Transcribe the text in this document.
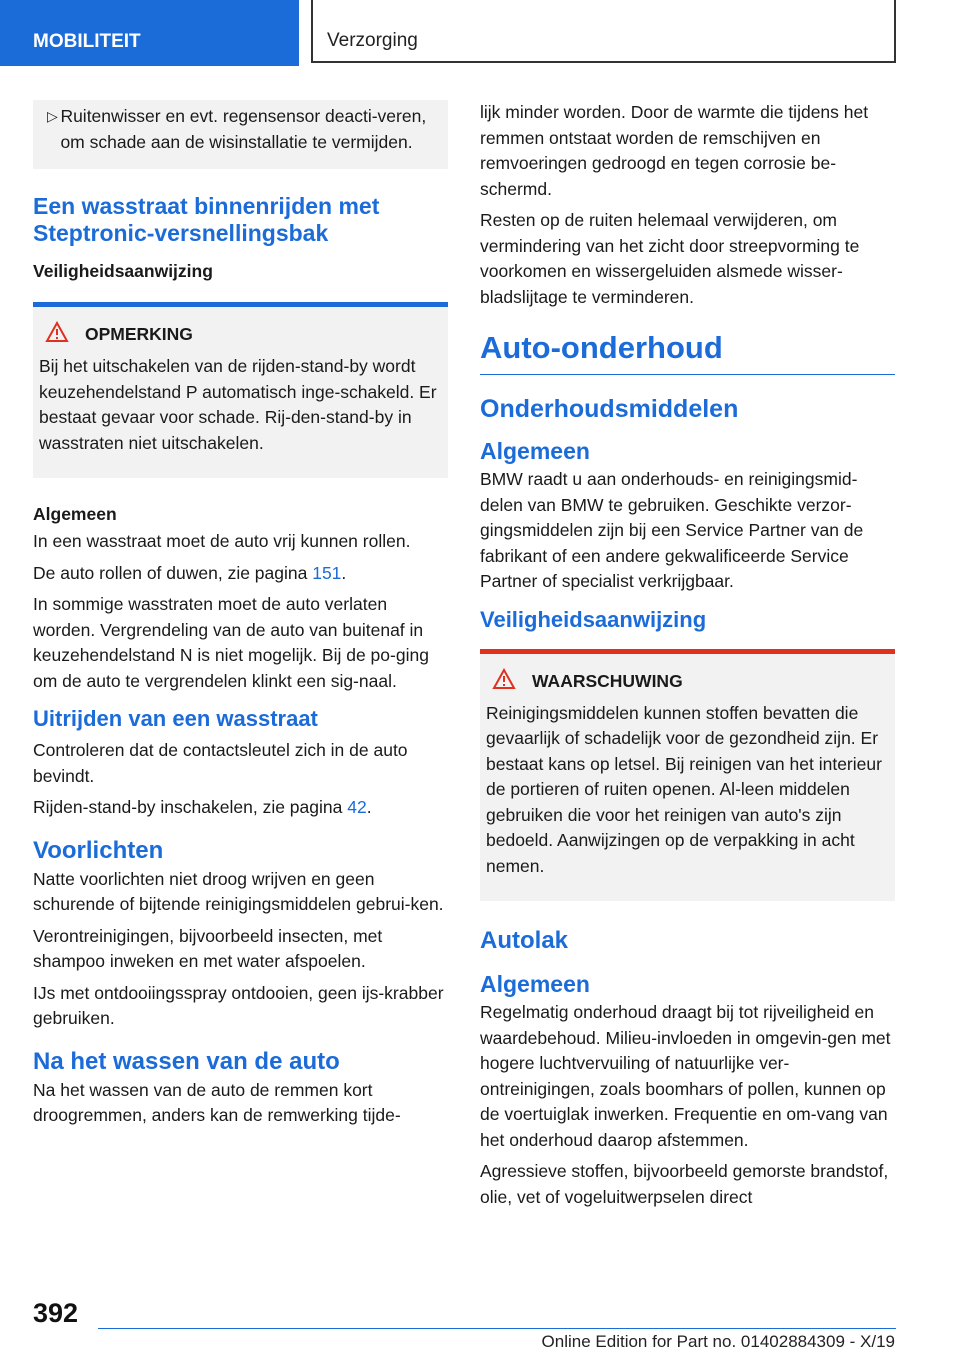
MOBILITEIT	Verzorging
▷ Ruitenwisser en evt. regensensor deacti-veren, om schade aan de wisinstallatie te vermijden.
Een wasstraat binnenrijden met Steptronic-versnellingsbak
Veiligheidsaanwijzing
OPMERKING

Bij het uitschakelen van de rijden-stand-by wordt keuzehendelstand P automatisch inge-schakeld. Er bestaat gevaar voor schade. Rij-den-stand-by in wasstraten niet uitschakelen.

Algemeen

In een wasstraat moet de auto vrij kunnen rollen.

De auto rollen of duwen, zie pagina 151.

In sommige wasstraten moet de auto verlaten worden. Vergrendeling van de auto van buitenaf in keuzehendelstand N is niet mogelijk. Bij de po-ging om de auto te vergrendelen klinkt een sig-naal.

Uitrijden van een wasstraat

Controleren dat de contactsleutel zich in de auto bevindt.

Rijden-stand-by inschakelen, zie pagina 42.

Voorlichten

Natte voorlichten niet droog wrijven en geen schurende of bijtende reinigingsmiddelen gebrui-ken.

Verontreinigingen, bijvoorbeeld insecten, met shampoo inweken en met water afspoelen.

IJs met ontdooiingsspray ontdooien, geen ijs-krabber gebruiken.

Na het wassen van de auto

Na het wassen van de auto de remmen kort droogremmen, anders kan de remwerking tijde-

lijk minder worden. Door de warmte die tijdens het remmen ontstaat worden de remschijven en remvoeringen gedroogd en tegen corrosie be-schermd.

Resten op de ruiten helemaal verwijderen, om vermindering van het zicht door streepvorming te voorkomen en wissergeluiden alsmede wisser-bladslijtage te verminderen.

Auto-onderhoud
Onderhoudsmiddelen
Algemeen

BMW raadt u aan onderhouds- en reinigingsmid-delen van BMW te gebruiken. Geschikte verzor-gingsmiddelen zijn bij een Service Partner van de fabrikant of een andere gekwalificeerde Service Partner of specialist verkrijgbaar.

Veiligheidsaanwijzing
WAARSCHUWING

Reinigingsmiddelen kunnen stoffen bevatten die gevaarlijk of schadelijk voor de gezondheid zijn. Er bestaat kans op letsel. Bij reinigen van het interieur de portieren of ruiten openen. Al-leen middelen gebruiken die voor het reinigen van auto's zijn bedoeld. Aanwijzingen op de verpakking in acht nemen.

Autolak
Algemeen

Regelmatig onderhoud draagt bij tot rijveiligheid en waardebehoud. Milieu-invloeden in omgevin-gen met hogere luchtvervuiling of natuurlijke ver-ontreinigingen, zoals boomhars of pollen, kunnen op de voertuiglak inwerken. Frequentie en om-vang van het onderhoud daarop afstemmen.

Agressieve stoffen, bijvoorbeeld gemorste brandstof, olie, vet of vogeluitwerpselen direct

392
Online Edition for Part no. 01402884309 - X/19
